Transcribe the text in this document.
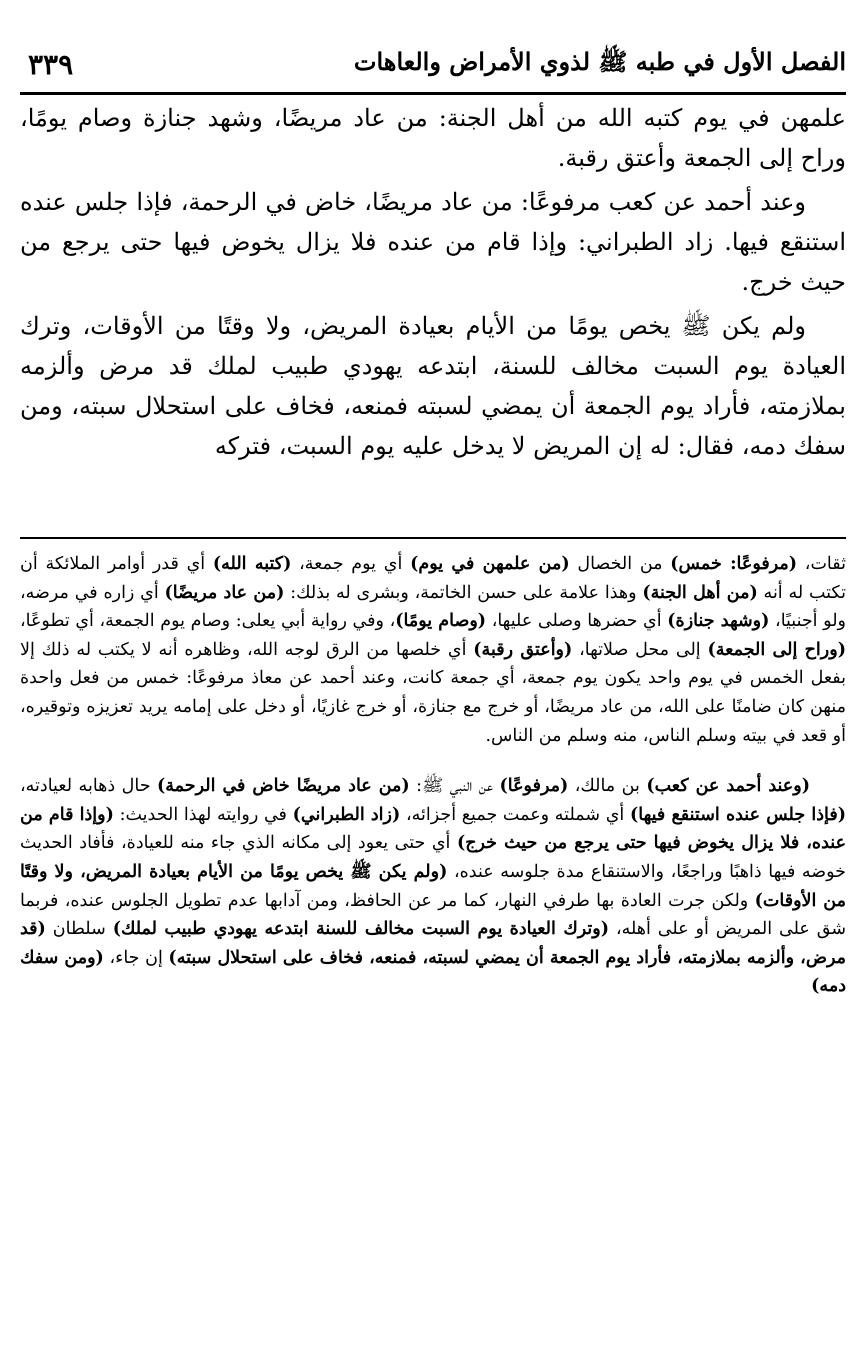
الفصل الأول في طبه ﷺ لذوي الأمراض والعاهات
٣٣٩

علمهن في يوم كتبه الله من أهل الجنة: من عاد مريضًا، وشهد جنازة وصام يومًا، وراح إلى الجمعة وأعتق رقبة.

وعند أحمد عن كعب مرفوعًا: من عاد مريضًا، خاض في الرحمة، فإذا جلس عنده استنقع فيها. زاد الطبراني: وإذا قام من عنده فلا يزال يخوض فيها حتى يرجع من حيث خرج.

ولم يكن ﷺ يخص يومًا من الأيام بعيادة المريض، ولا وقتًا من الأوقات، وترك العيادة يوم السبت مخالف للسنة، ابتدعه يهودي طبيب لملك قد مرض وألزمه بملازمته، فأراد يوم الجمعة أن يمضي لسبته فمنعه، فخاف على استحلال سبته، ومن سفك دمه، فقال: له إن المريض لا يدخل عليه يوم السبت، فتركه

ثقات، (مرفوعًا: خمس) من الخصال (من علمهن في يوم) أي يوم جمعة، (كتبه الله) أي قدر أوامر الملائكة أن تكتب له أنه (من أهل الجنة) وهذا علامة على حسن الخاتمة، وبشرى له بذلك: (من عاد مريضًا) أي زاره في مرضه، ولو أجنبيًا، (وشهد جنازة) أي حضرها وصلى عليها، (وصام يومًا)، وفي رواية أبي يعلى: وصام يوم الجمعة، أي تطوعًا، (وراح إلى الجمعة) إلى محل صلاتها، (وأعتق رقبة) أي خلصها من الرق لوجه الله، وظاهره أنه لا يكتب له ذلك إلا بفعل الخمس في يوم واحد يكون يوم جمعة، أي جمعة كانت، وعند أحمد عن معاذ مرفوعًا: خمس من فعل واحدة منهن كان ضامنًا على الله، من عاد مريضًا، أو خرج مع جنازة، أو خرج غازيًا، أو دخل على إمامه يريد تعزيزه وتوقيره، أو قعد في بيته وسلم الناس، منه وسلم من الناس.

(وعند أحمد عن كعب) بن مالك، (مرفوعًا) عن النبي ﷺ: (من عاد مريضًا خاض في الرحمة) حال ذهابه لعيادته، (فإذا جلس عنده استنقع فيها) أي شملته وعمت جميع أجزائه، (زاد الطبراني) في روايته لهذا الحديث: (وإذا قام من عنده، فلا يزال يخوض فيها حتى يرجع من حيث خرج) أي حتى يعود إلى مكانه الذي جاء منه للعيادة، فأفاد الحديث خوضه فيها ذاهبًا وراجعًا، والاستنقاع مدة جلوسه عنده، (ولم يكن ﷺ يخص يومًا من الأيام بعيادة المريض، ولا وقتًا من الأوقات) ولكن جرت العادة بها طرفي النهار، كما مر عن الحافظ، ومن آدابها عدم تطويل الجلوس عنده، فربما شق على المريض أو على أهله، (وترك العيادة يوم السبت مخالف للسنة ابتدعه يهودي طبيب لملك) سلطان (قد مرض، وألزمه بملازمته، فأراد يوم الجمعة أن يمضي لسبته، فمنعه، فخاف على استحلال سبته) إن جاء، (ومن سفك دمه)
